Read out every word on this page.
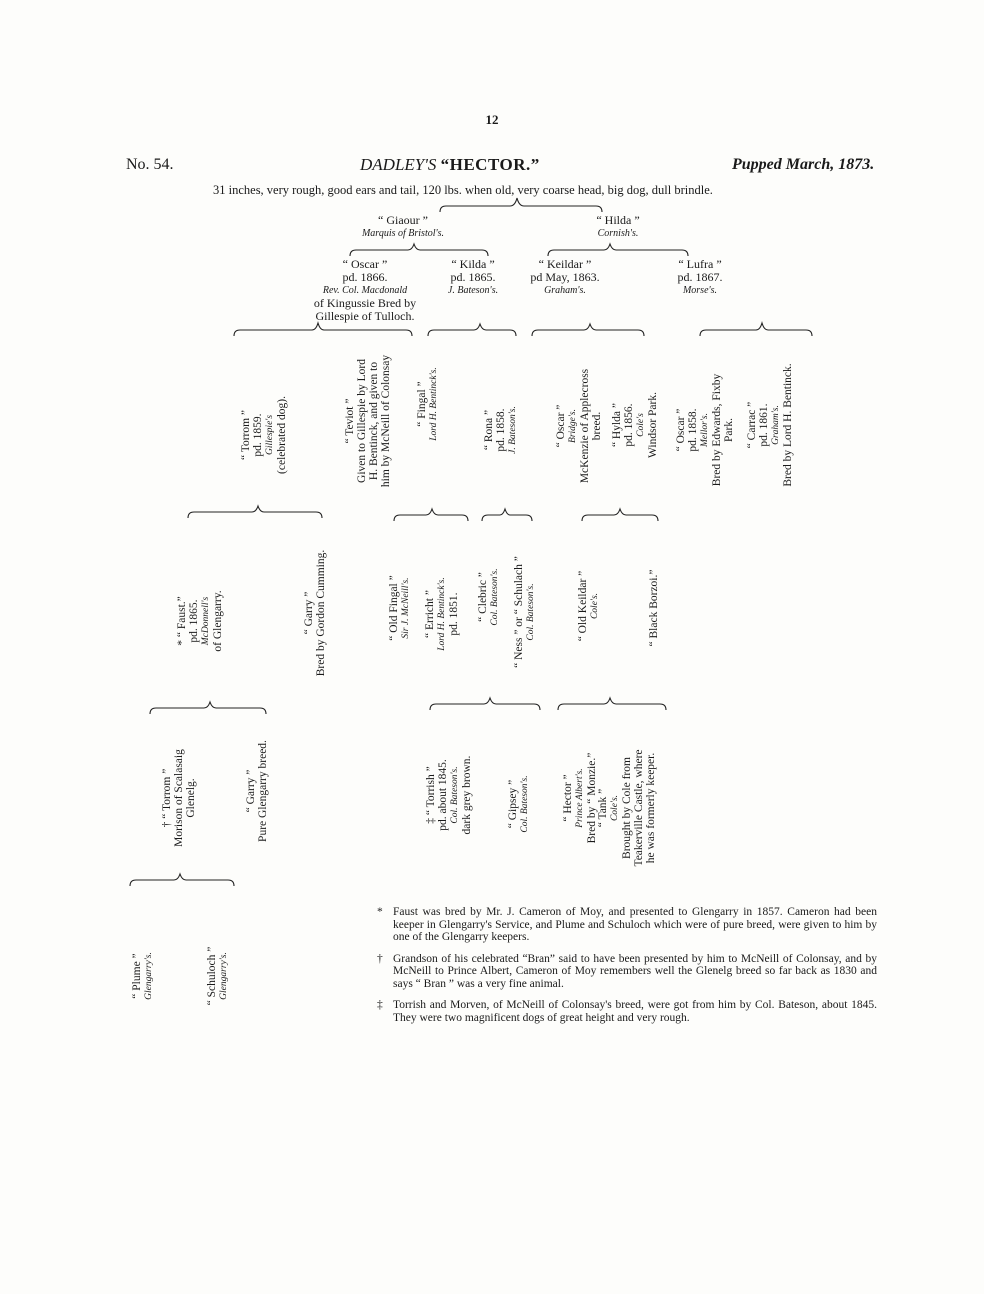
12
No. 54.	DADLEY'S “HECTOR.”	Pupped March, 1873.
31 inches, very rough, good ears and tail, 120 lbs. when old, very coarse head, big dog, dull brindle.
“ Giaour ”
Marquis of Bristol's.
“ Hilda ”
Cornish's.
“ Oscar ”
pd. 1866.
Rev. Col. Macdonald
of Kingussie Bred by
Gillespie of Tulloch.
“ Kilda ”
pd. 1865.
J. Bateson's.
“ Keildar ”
pd May, 1863.
Graham's.
“ Lufra ”
pd. 1867.
Morse's.
“ Torrom ” pd. 1859. Gillespie's (celebrated dog).	“ Teviot ” Given to Gillespie by Lord H. Bentinck, and given to him by McNeill of Colonsay “ Fingal ” Lord H. Bentinck's.	“ Rona ” pd. 1858. J. Bateson's.	“ Oscar ” Bridge's. McKenzie of Applecross breed. “ Hylda ” pd. 1856. Cole's Windsor Park. “ Oscar ” pd. 1858. Mellor's. Bred by Edwards, Fixby Park. “ Carrac ” pd. 1861. Graham's. Bred by Lord H. Bentinck.
* “ Faust.” pd. 1865. McDonnell's of Glengarry.	“ Garry ” Bred by Gordon Cumming.	“ Old Fingal ” Sir J. McNeill's. “ Erricht ” Lord H. Bentinck's. pd. 1851. “ Clebric ” Col. Bateson's. “ Ness ” or “ Schulach ” Col. Bateson's.	“ Old Keildar ” Cole's.	“ Black Borzoi.”
† “ Torrom ” Morison of Scalasaig Glenelg.	“ Garry ” Pure Glengarry breed.	‡ “ Torrish ” pd. about 1845. Col. Bateson's. dark grey brown.	“ Gipsey ” Col. Bateson's.	“ Hector ” Prince Albert's. Bred by “ Monzie.” “ Tank ” Cole's. Brought by Cole from Teakerville Castle, where he was formerly keeper.
“ Plume ” Glengarry's.	“ Schuloch ” Glengarry's.
* Faust was bred by Mr. J. Cameron of Moy, and presented to Glengarry in 1857. Cameron had been keeper in Glengarry's Service, and Plume and Schuloch which were of pure breed, were given to him by one of the Glengarry keepers.
† Grandson of his celebrated “Bran” said to have been presented by him to McNeill of Colonsay, and by McNeill to Prince Albert, Cameron of Moy remembers well the Glenelg breed so far back as 1830 and says “ Bran ” was a very fine animal.
‡ Torrish and Morven, of McNeill of Colonsay's breed, were got from him by Col. Bateson, about 1845. They were two magnificent dogs of great height and very rough.
